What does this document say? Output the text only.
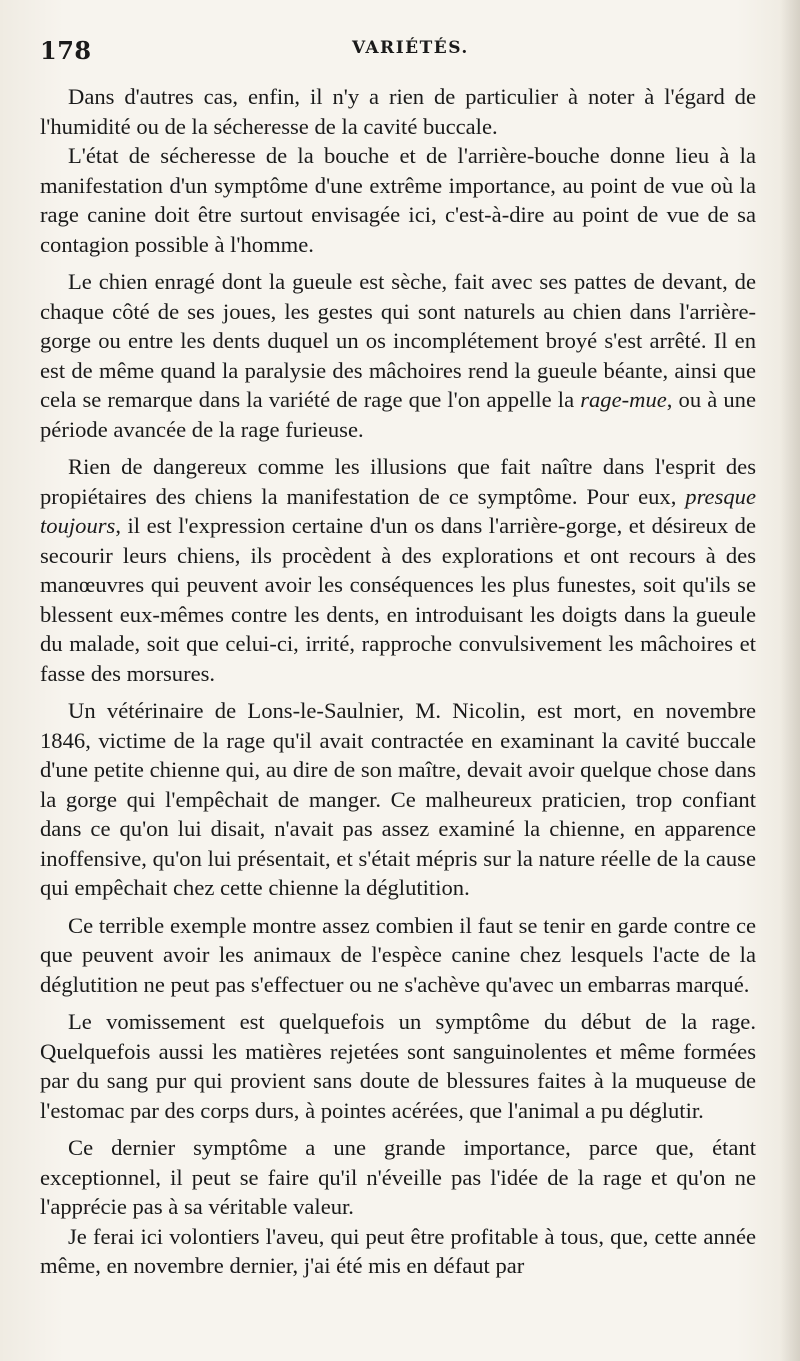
178	VARIÉTÉS.

Dans d'autres cas, enfin, il n'y a rien de particulier à noter à l'égard de l'humidité ou de la sécheresse de la cavité buccale.

L'état de sécheresse de la bouche et de l'arrière-bouche donne lieu à la manifestation d'un symptôme d'une extrême importance, au point de vue où la rage canine doit être surtout envisagée ici, c'est-à-dire au point de vue de sa contagion possible à l'homme.

Le chien enragé dont la gueule est sèche, fait avec ses pattes de devant, de chaque côté de ses joues, les gestes qui sont naturels au chien dans l'arrière-gorge ou entre les dents duquel un os incomplétement broyé s'est arrêté. Il en est de même quand la paralysie des mâchoires rend la gueule béante, ainsi que cela se remarque dans la variété de rage que l'on appelle la rage-mue, ou à une période avancée de la rage furieuse.

Rien de dangereux comme les illusions que fait naître dans l'esprit des propiétaires des chiens la manifestation de ce symptôme. Pour eux, presque toujours, il est l'expression certaine d'un os dans l'arrière-gorge, et désireux de secourir leurs chiens, ils procèdent à des explorations et ont recours à des manœuvres qui peuvent avoir les conséquences les plus funestes, soit qu'ils se blessent eux-mêmes contre les dents, en introduisant les doigts dans la gueule du malade, soit que celui-ci, irrité, rapproche convulsivement les mâchoires et fasse des morsures.

Un vétérinaire de Lons-le-Saulnier, M. Nicolin, est mort, en novembre 1846, victime de la rage qu'il avait contractée en examinant la cavité buccale d'une petite chienne qui, au dire de son maître, devait avoir quelque chose dans la gorge qui l'empêchait de manger. Ce malheureux praticien, trop confiant dans ce qu'on lui disait, n'avait pas assez examiné la chienne, en apparence inoffensive, qu'on lui présentait, et s'était mépris sur la nature réelle de la cause qui empêchait chez cette chienne la déglutition.

Ce terrible exemple montre assez combien il faut se tenir en garde contre ce que peuvent avoir les animaux de l'espèce canine chez lesquels l'acte de la déglutition ne peut pas s'effectuer ou ne s'achève qu'avec un embarras marqué.

Le vomissement est quelquefois un symptôme du début de la rage. Quelquefois aussi les matières rejetées sont sanguinolentes et même formées par du sang pur qui provient sans doute de blessures faites à la muqueuse de l'estomac par des corps durs, à pointes acérées, que l'animal a pu déglutir.

Ce dernier symptôme a une grande importance, parce que, étant exceptionnel, il peut se faire qu'il n'éveille pas l'idée de la rage et qu'on ne l'apprécie pas à sa véritable valeur.

Je ferai ici volontiers l'aveu, qui peut être profitable à tous, que, cette année même, en novembre dernier, j'ai été mis en défaut par
